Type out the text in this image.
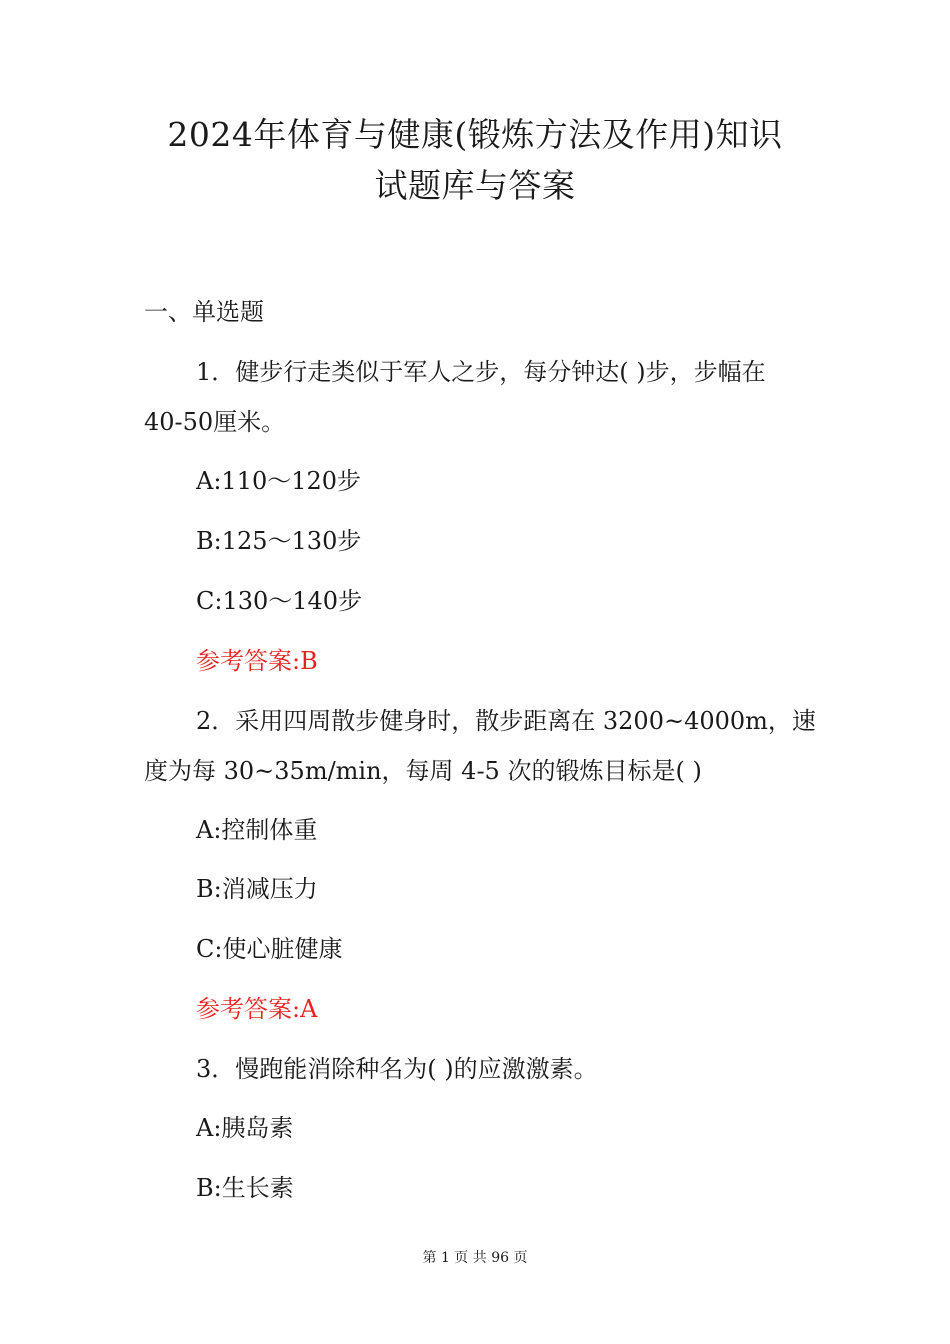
2024年体育与健康(锻炼方法及作用)知识
试题库与答案
一、单选题
1．健步行走类似于军人之步，每分钟达( )步，步幅在
40-50厘米。
A:110～120步
B:125～130步
C:130～140步
参考答案:B
2．采用四周散步健身时，散步距离在 3200~4000m，速
度为每 30~35m/min，每周 4-5 次的锻炼目标是( )
A:控制体重
B:消减压力
C:使心脏健康
参考答案:A
3．慢跑能消除种名为( )的应激激素。
A:胰岛素
B:生长素
第 1 页 共 96 页
